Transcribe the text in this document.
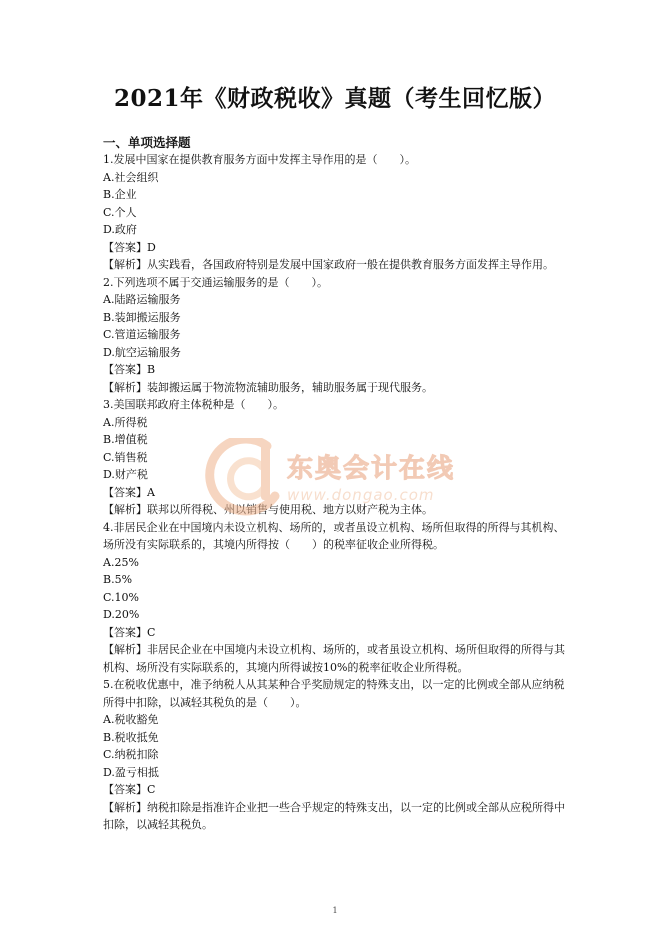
2021年《财政税收》真题（考生回忆版）
一、单项选择题
1.发展中国家在提供教育服务方面中发挥主导作用的是（　　）。
A.社会组织
B.企业
C.个人
D.政府
【答案】D
【解析】从实践看，各国政府特别是发展中国家政府一般在提供教育服务方面发挥主导作用。
2.下列选项不属于交通运输服务的是（　　）。
A.陆路运输服务
B.装卸搬运服务
C.管道运输服务
D.航空运输服务
【答案】B
【解析】装卸搬运属于物流物流辅助服务，辅助服务属于现代服务。
3.美国联邦政府主体税种是（　　）。
A.所得税
B.增值税
C.销售税
D.财产税
【答案】A
【解析】联邦以所得税、州以销售与使用税、地方以财产税为主体。
4.非居民企业在中国境内未设立机构、场所的，或者虽设立机构、场所但取得的所得与其机构、场所没有实际联系的，其境内所得按（　　）的税率征收企业所得税。
A.25%
B.5%
C.10%
D.20%
【答案】C
【解析】非居民企业在中国境内未设立机构、场所的，或者虽设立机构、场所但取得的所得与其机构、场所没有实际联系的，其境内所得诚按10%的税率征收企业所得税。
5.在税收优惠中，准予纳税人从其某种合乎奖励规定的特殊支出，以一定的比例或全部从应纳税所得中扣除，以减轻其税负的是（　　）。
A.税收豁免
B.税收抵免
C.纳税扣除
D.盈亏相抵
【答案】C
【解析】纳税扣除是指准许企业把一些合乎规定的特殊支出，以一定的比例或全部从应税所得中扣除，以减轻其税负。
东奥会计在线
www.dongao.com
1
